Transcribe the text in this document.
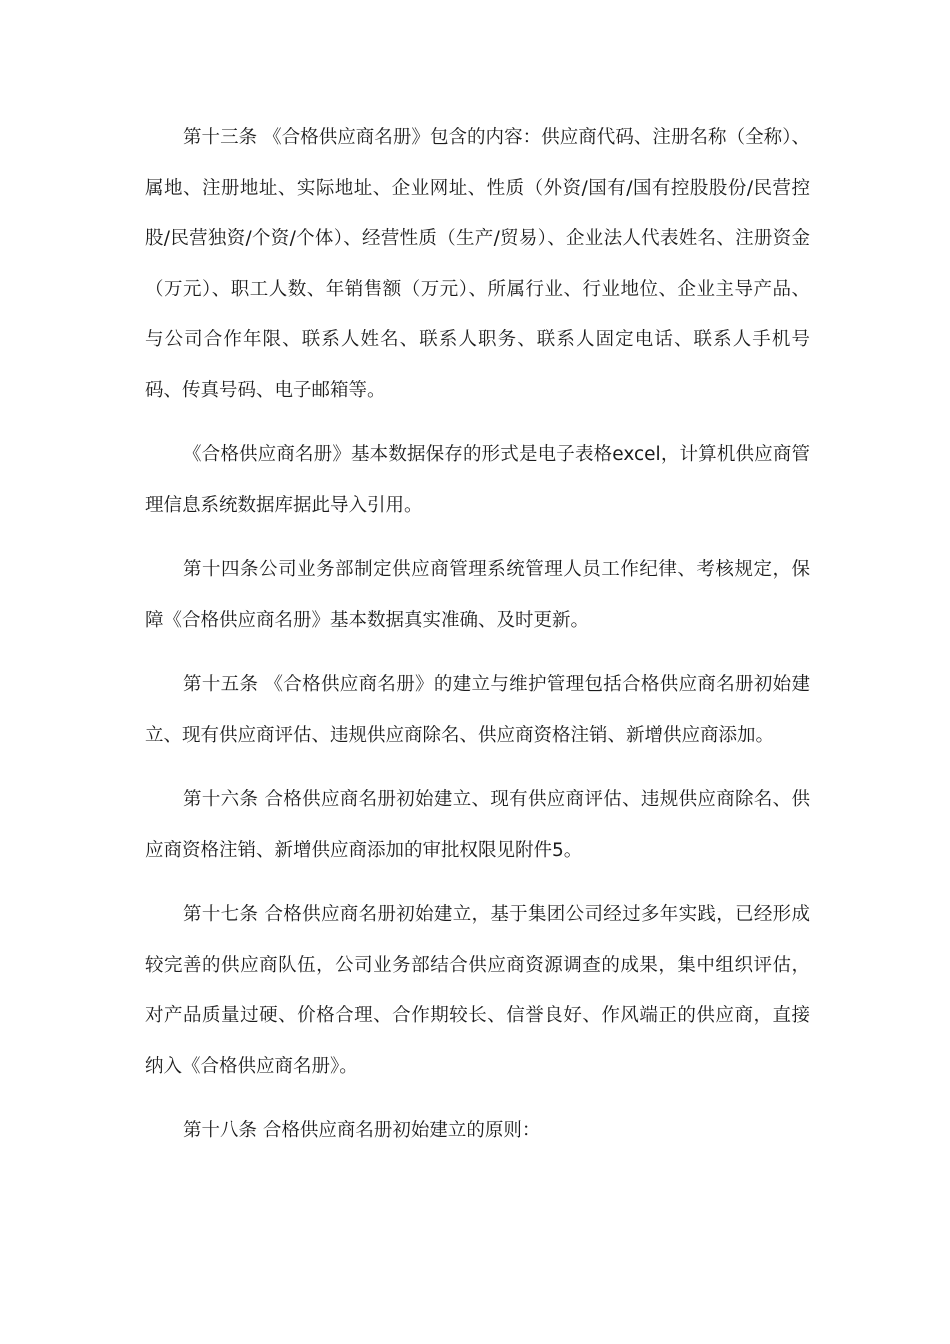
第十三条 《合格供应商名册》包含的内容：供应商代码、注册名称（全称）、属地、注册地址、实际地址、企业网址、性质（外资/国有/国有控股股份/民营控股/民营独资/个资/个体）、经营性质（生产/贸易）、企业法人代表姓名、注册资金（万元）、职工人数、年销售额（万元）、所属行业、行业地位、企业主导产品、与公司合作年限、联系人姓名、联系人职务、联系人固定电话、联系人手机号码、传真号码、电子邮箱等。

《合格供应商名册》基本数据保存的形式是电子表格excel，计算机供应商管理信息系统数据库据此导入引用。

第十四条公司业务部制定供应商管理系统管理人员工作纪律、考核规定，保障《合格供应商名册》基本数据真实准确、及时更新。

第十五条 《合格供应商名册》的建立与维护管理包括合格供应商名册初始建立、现有供应商评估、违规供应商除名、供应商资格注销、新增供应商添加。

第十六条 合格供应商名册初始建立、现有供应商评估、违规供应商除名、供应商资格注销、新增供应商添加的审批权限见附件5。

第十七条 合格供应商名册初始建立，基于集团公司经过多年实践，已经形成较完善的供应商队伍，公司业务部结合供应商资源调查的成果，集中组织评估，对产品质量过硬、价格合理、合作期较长、信誉良好、作风端正的供应商，直接纳入《合格供应商名册》。

第十八条 合格供应商名册初始建立的原则：
